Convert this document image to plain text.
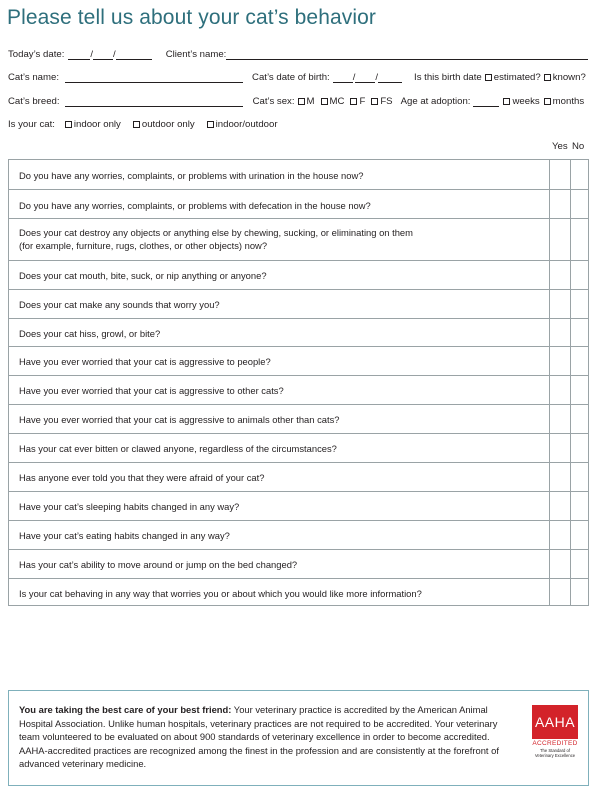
Please tell us about your cat’s behavior
Today’s date:	/ /	Client’s name:
Cat’s name:	Cat’s date of birth: / /	Is this birth date estimated? known?
Cat’s breed:	Cat’s sex: M MC F FS Age at adoption:	weeks months
Is your cat: indoor only outdoor only indoor/outdoor
Yes No
Do you have any worries, complaints, or problems with urination in the house now?
Do you have any worries, complaints, or problems with defecation in the house now?
Does your cat destroy any objects or anything else by chewing, sucking, or eliminating on them
(for example, furniture, rugs, clothes, or other objects) now?
Does your cat mouth, bite, suck, or nip anything or anyone?
Does your cat make any sounds that worry you?
Does your cat hiss, growl, or bite?
Have you ever worried that your cat is aggressive to people?
Have you ever worried that your cat is aggressive to other cats?
Have you ever worried that your cat is aggressive to animals other than cats?
Has your cat ever bitten or clawed anyone, regardless of the circumstances?
Has anyone ever told you that they were afraid of your cat?
Have your cat’s sleeping habits changed in any way?
Have your cat’s eating habits changed in any way?
Has your cat’s ability to move around or jump on the bed changed?
Is your cat behaving in any way that worries you or about which you would like more information?
You are taking the best care of your best friend: Your veterinary practice is accredited by the American Animal Hospital Association. Unlike human hospitals, veterinary practices are not required to be accredited. Your veterinary team volunteered to be evaluated on about 900 standards of veterinary excellence in order to become accredited. AAHA-accredited practices are recognized among the finest in the profession and are consistently at the forefront of advanced veterinary medicine.
AAHA
ACCREDITED
The Standard of
Veterinary Excellence
